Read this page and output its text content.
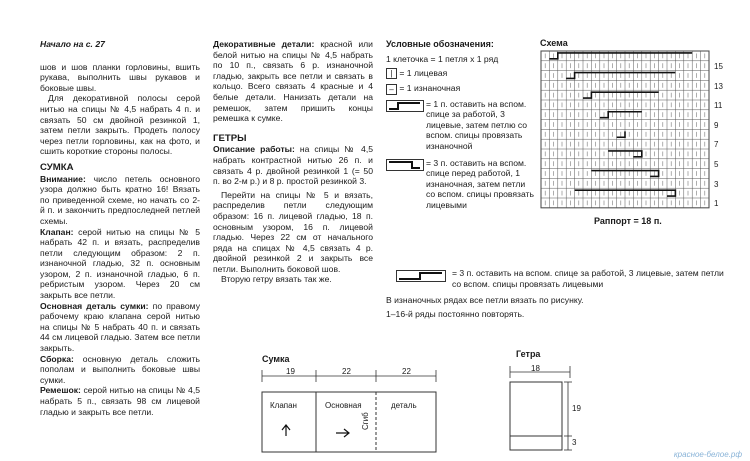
Начало на с. 27

шов и шов планки горловины, вшить рукава, выполнить швы рукавов и боковые швы.

Для декоративной полосы серой нитью на спицы № 4,5 набрать 4 п. и связать 50 см двойной резинкой 1, затем петли закрыть. Продеть полосу через петли горловины, как на фото, и сшить короткие стороны полосы.

СУМКА

Внимание: число петель основного узора должно быть кратно 16! Вязать по приведенной схеме, но начать со 2-й п. и закончить предпоследней петлей схемы.

Клапан: серой нитью на спицы № 5 набрать 42 п. и вязать, распределив петли следующим образом: 2 п. изнаночной гладью, 32 п. основным узором, 2 п. изнаночной гладью, 6 п. ребристым узором. Через 20 см закрыть все петли.

Основная деталь сумки: по правому рабочему краю клапана серой нитью на спицы № 5 набрать 40 п. и связать 44 см лицевой гладью. Затем все петли закрыть.

Сборка: основную деталь сложить пополам и выполнить боковые швы сумки.

Ремешок: серой нитью на спицы № 4,5 набрать 5 п., связать 98 см лицевой гладью и закрыть все петли.

Декоративные детали: красной или белой нитью на спицы № 4,5 набрать по 10 п., связать 6 р. изнаночной гладью, закрыть все петли и связать в кольцо. Всего связать 4 красные и 4 белые детали. Нанизать детали на ремешок, затем пришить концы ремешка к сумке.

ГЕТРЫ

Описание работы: на спицы № 4,5 набрать контрастной нитью 26 п. и связать 4 р. двойной резинкой 1 (= 50 п. во 2-м р.) и 8 р. простой резинкой 3.

Перейти на спицы № 5 и вязать, распределив петли следующим образом: 16 п. лицевой гладью, 18 п. основным узором, 16 п. лицевой гладью. Через 22 см от начального ряда на спицах № 4,5 связать 4 р. двойной резинкой 2 и закрыть все петли. Выполнить боковой шов.

Вторую гетру вязать так же.

Условные обозначения:
1 клеточка = 1 петля х 1 ряд
| = 1 лицевая
– = 1 изнаночная
= 1 п. оставить на вспом. спице за работой, 3 лицевые, затем петлю со вспом. спицы провязать изнаночной
= 3 п. оставить на вспом. спице перед работой, 1 изнаночная, затем петли со вспом. спицы провязать лицевыми
= 3 п. оставить на вспом. спице за работой, 3 лицевые, затем петли со вспом. спицы провязать лицевыми
В изнаночных рядах все петли вязать по рисунку.
1–16-й ряды постоянно повторять.
Схема
15
13
11
9
7
5
3
1
Раппорт = 18 п.
Сумка
19	22	22
Клапан	Основная	деталь
Сгиб
Гетра
18
19
3
красное-белое.рф
